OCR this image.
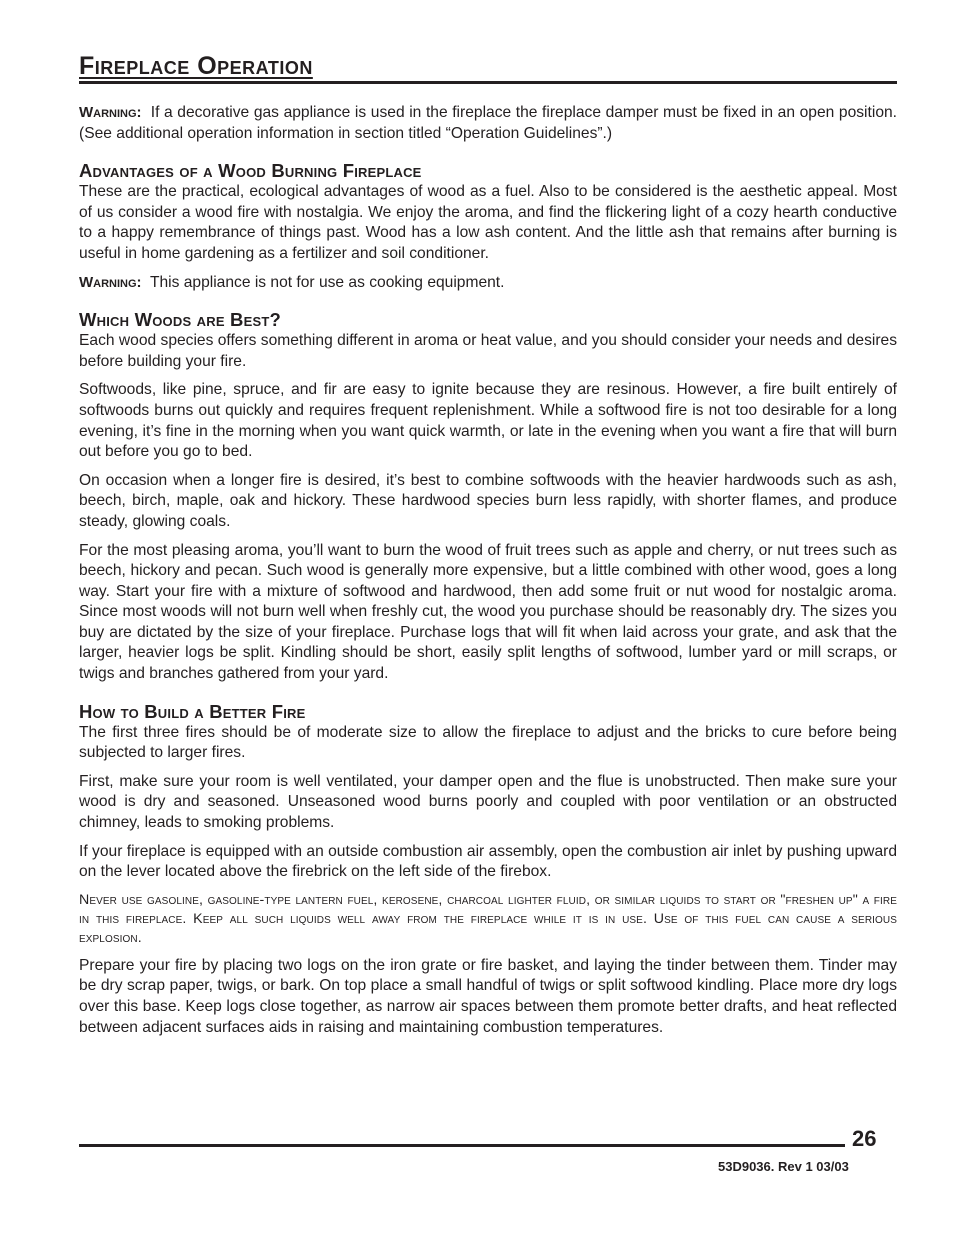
Fireplace Operation

Warning: If a decorative gas appliance is used in the fireplace the fireplace damper must be fixed in an open position. (See additional operation information in section titled “Operation Guidelines”.)

Advantages of a Wood Burning Fireplace

These are the practical, ecological advantages of wood as a fuel. Also to be considered is the aesthetic appeal. Most of us consider a wood fire with nostalgia. We enjoy the aroma, and find the flickering light of a cozy hearth conductive to a happy remembrance of things past. Wood has a low ash content. And the little ash that remains after burning is useful in home gardening as a fertilizer and soil conditioner.

Warning: This appliance is not for use as cooking equipment.

Which Woods are Best?

Each wood species offers something different in aroma or heat value, and you should consider your needs and desires before building your fire.

Softwoods, like pine, spruce, and fir are easy to ignite because they are resinous. However, a fire built entirely of softwoods burns out quickly and requires frequent replenishment. While a softwood fire is not too desirable for a long evening, it’s fine in the morning when you want quick warmth, or late in the evening when you want a fire that will burn out before you go to bed.

On occasion when a longer fire is desired, it’s best to combine softwoods with the heavier hardwoods such as ash, beech, birch, maple, oak and hickory. These hardwood species burn less rapidly, with shorter flames, and produce steady, glowing coals.

For the most pleasing aroma, you’ll want to burn the wood of fruit trees such as apple and cherry, or nut trees such as beech, hickory and pecan. Such wood is generally more expensive, but a little combined with other wood, goes a long way. Start your fire with a mixture of softwood and hardwood, then add some fruit or nut wood for nostalgic aroma. Since most woods will not burn well when freshly cut, the wood you purchase should be reasonably dry. The sizes you buy are dictated by the size of your fireplace. Purchase logs that will fit when laid across your grate, and ask that the larger, heavier logs be split. Kindling should be short, easily split lengths of softwood, lumber yard or mill scraps, or twigs and branches gathered from your yard.

How to Build a Better Fire

The first three fires should be of moderate size to allow the fireplace to adjust and the bricks to cure before being subjected to larger fires.

First, make sure your room is well ventilated, your damper open and the flue is unobstructed. Then make sure your wood is dry and seasoned. Unseasoned wood burns poorly and coupled with poor ventilation or an obstructed chimney, leads to smoking problems.

If your fireplace is equipped with an outside combustion air assembly, open the combustion air inlet by pushing upward on the lever located above the firebrick on the left side of the firebox.

Never use gasoline, gasoline-type lantern fuel, kerosene, charcoal lighter fluid, or similar liquids to start or "freshen up" a fire in this fireplace. Keep all such liquids well away from the fireplace while it is in use. Use of this fuel can cause a serious explosion.

Prepare your fire by placing two logs on the iron grate or fire basket, and laying the tinder between them. Tinder may be dry scrap paper, twigs, or bark. On top place a small handful of twigs or split softwood kindling. Place more dry logs over this base. Keep logs close together, as narrow air spaces between them promote better drafts, and heat reflected between adjacent surfaces aids in raising and maintaining combustion temperatures.

26
53D9036. Rev 1 03/03
